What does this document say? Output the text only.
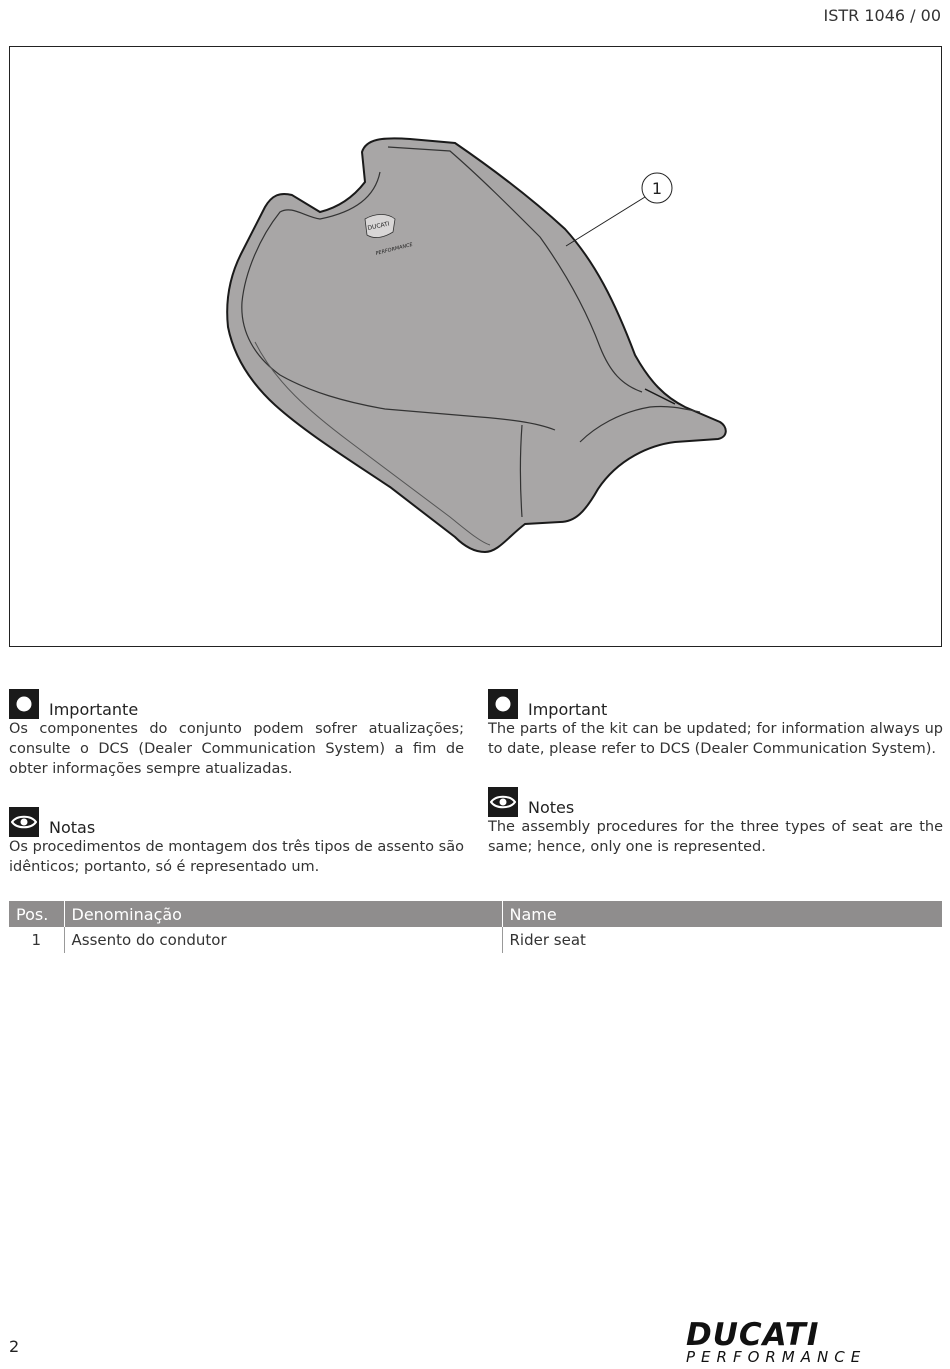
ISTR 1046 / 00
DUCATI
PERFORMANCE
1
Importante
Os componentes do conjunto podem sofrer atualizações; consulte o DCS (Dealer Communication System) a fim de obter informações sempre atualizadas.
Notas
Os procedimentos de montagem dos três tipos de assento são idênticos; portanto, só é representado um.
Important
The parts of the kit can be updated; for information always up to date, please refer to DCS (Dealer Communication System).
Notes
The assembly procedures for the three types of seat are the same; hence, only one is represented.
Pos.	Denominação	Name
1	Assento do condutor	Rider seat
2	DUCATI
PERFORMANCE
